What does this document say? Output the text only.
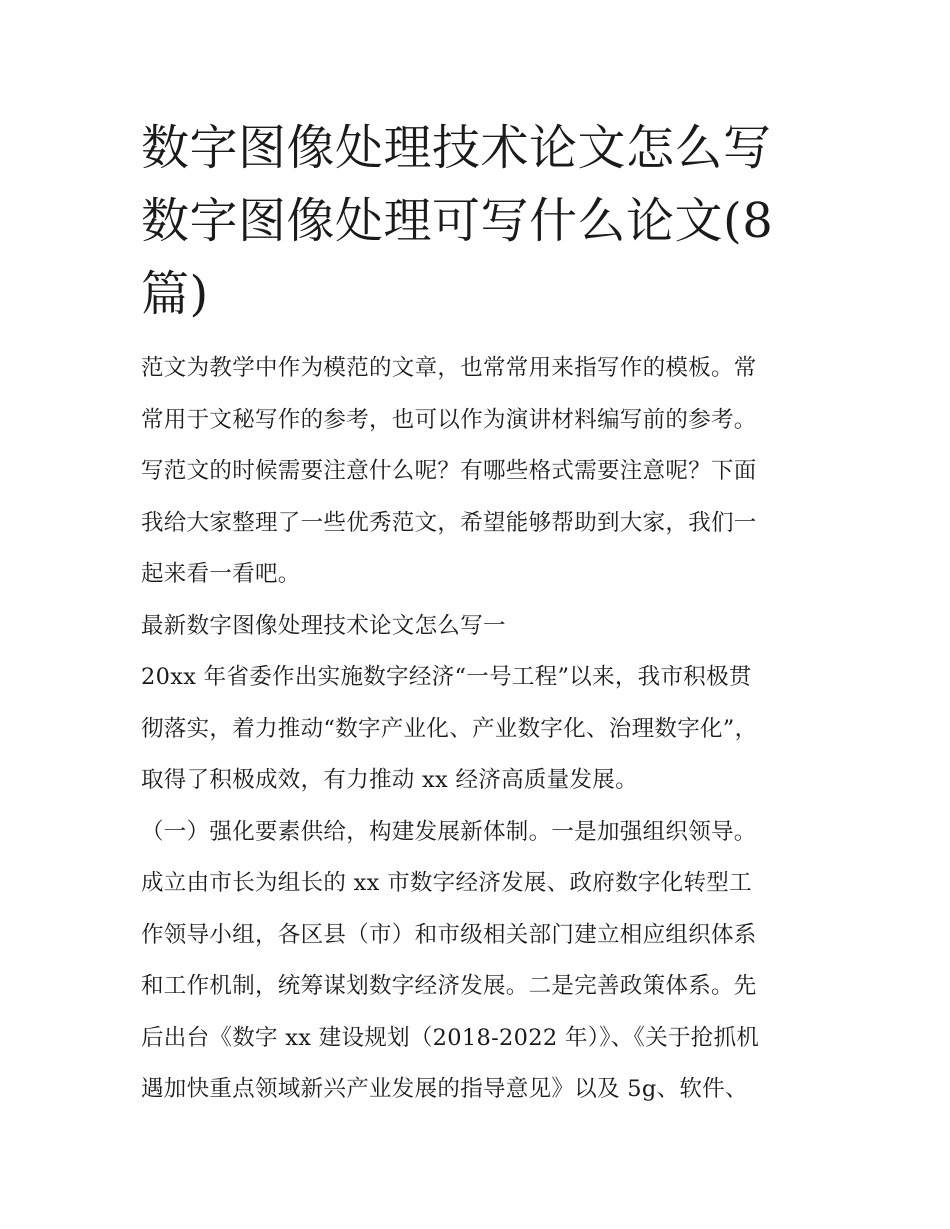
数字图像处理技术论文怎么写
数字图像处理可写什么论文(8
篇)

范文为教学中作为模范的文章，也常常用来指写作的模板。常
常用于文秘写作的参考，也可以作为演讲材料编写前的参考。
写范文的时候需要注意什么呢？有哪些格式需要注意呢？下面
我给大家整理了一些优秀范文，希望能够帮助到大家，我们一
起来看一看吧。

最新数字图像处理技术论文怎么写一

20xx 年省委作出实施数字经济“一号工程”以来，我市积极贯
彻落实，着力推动“数字产业化、产业数字化、治理数字化”，
取得了积极成效，有力推动 xx 经济高质量发展。

（一）强化要素供给，构建发展新体制。一是加强组织领导。
成立由市长为组长的 xx 市数字经济发展、政府数字化转型工
作领导小组，各区县（市）和市级相关部门建立相应组织体系
和工作机制，统筹谋划数字经济发展。二是完善政策体系。先
后出台《数字 xx 建设规划（2018-2022 年）》、《关于抢抓机
遇加快重点领域新兴产业发展的指导意见》以及 5g、软件、
